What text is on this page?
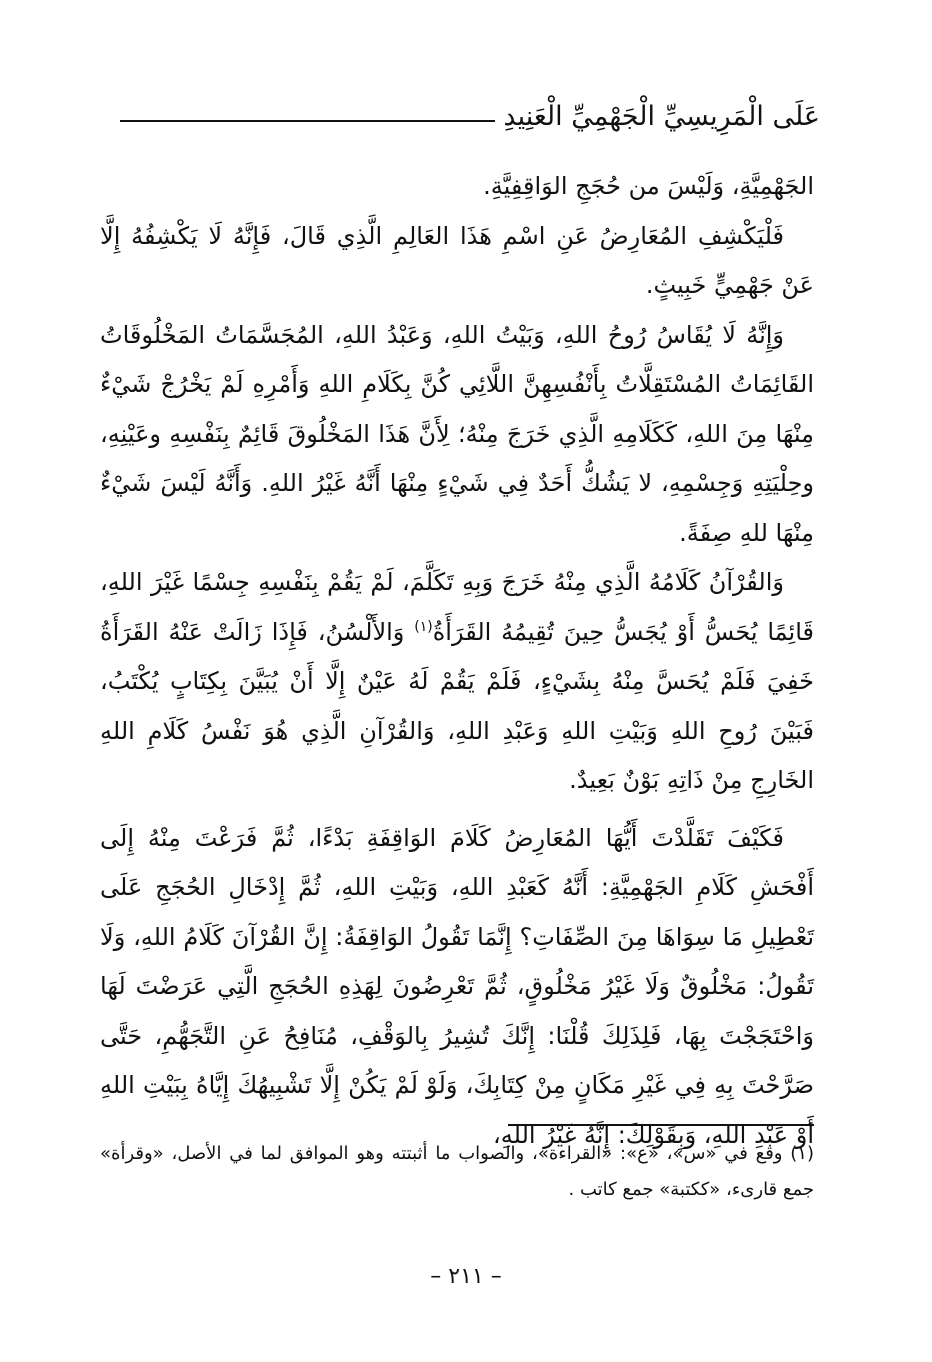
عَلَى الْمَرِيسِيِّ الْجَهْمِيِّ الْعَنِيدِ

الجَهْمِيَّةِ، وَلَيْسَ من حُجَجِ الوَاقِفِيَّةِ.

فَلْيَكْشِفِ المُعَارِضُ عَنِ اسْمِ هَذَا العَالِمِ الَّذِي قَالَ، فَإِنَّهُ لَا يَكْشِفُهُ إِلَّا عَنْ جَهْمِيٍّ خَبِيثٍ.

وَإِنَّهُ لَا يُقَاسُ رُوحُ اللهِ، وَبَيْتُ اللهِ، وَعَبْدُ اللهِ، المُجَسَّمَاتُ المَخْلُوقَاتُ القَائِمَاتُ المُسْتَقِلَّاتُ بِأَنْفُسِهِنَّ اللَّائِي كُنَّ بِكَلَامِ اللهِ وَأَمْرِهِ لَمْ يَخْرُجْ شَيْءٌ مِنْهَا مِنَ اللهِ، كَكَلَامِهِ الَّذِي خَرَجَ مِنْهُ؛ لِأَنَّ هَذَا المَخْلُوقَ قَائِمٌ بِنَفْسِهِ وعَيْنِهِ، وحِلْيَتِهِ وَجِسْمِهِ، لا يَشُكُّ أَحَدٌ فِي شَيْءٍ مِنْهَا أَنَّهُ غَيْرُ اللهِ. وَأَنَّهُ لَيْسَ شَيْءٌ مِنْهَا للهِ صِفَةً.

وَالقُرْآنُ كَلَامُهُ الَّذِي مِنْهُ خَرَجَ وَبِهِ تَكَلَّمَ، لَمْ يَقُمْ بِنَفْسِهِ جِسْمًا غَيْرَ اللهِ، قَائِمًا يُحَسُّ أَوْ يُجَسُّ حِينَ تُقِيمُهُ القَرَأَةُ$^{(١)}$ وَالأَلْسُنُ، فَإِذَا زَالَتْ عَنْهُ القَرَأَةُ خَفِيَ فَلَمْ يُحَسَّ مِنْهُ بِشَيْءٍ، فَلَمْ يَقُمْ لَهُ عَيْنٌ إِلَّا أَنْ يُبَيَّنَ بِكِتَابٍ يُكْتَبُ، فَبَيْنَ رُوحِ اللهِ وَبَيْتِ اللهِ وَعَبْدِ اللهِ، وَالقُرْآنِ الَّذِي هُوَ نَفْسُ كَلَامِ اللهِ الخَارِجِ مِنْ ذَاتِهِ بَوْنٌ بَعِيدٌ.

فَكَيْفَ تَقَلَّدْتَ أَيُّهَا المُعَارِضُ كَلَامَ الوَاقِفَةِ بَدْءًا، ثُمَّ فَرَعْتَ مِنْهُ إِلَى أَفْحَشِ كَلَامِ الجَهْمِيَّةِ: أَنَّهُ كَعَبْدِ اللهِ، وَبَيْتِ اللهِ، ثُمَّ إِدْخَالِ الحُجَجِ عَلَى تَعْطِيلِ مَا سِوَاهَا مِنَ الصِّفَاتِ؟ إِنَّمَا تَقُولُ الوَاقِفَةُ: إِنَّ القُرْآنَ كَلَامُ اللهِ، وَلَا تَقُولُ: مَخْلُوقٌ وَلَا غَيْرُ مَخْلُوقٍ، ثُمَّ تَعْرِضُونَ لِهَذِهِ الحُجَجِ الَّتِي عَرَضْتَ لَهَا وَاحْتَجَجْتَ بِهَا، فَلِذَلِكَ قُلْنَا: إِنَّكَ تُشِيرُ بِالوَقْفِ، مُنَافِحُ عَنِ التَّجَهُّمِ، حَتَّى صَرَّحْتَ بِهِ فِي غَيْرِ مَكَانٍ مِنْ كِتَابِكَ، وَلَوْ لَمْ يَكُنْ إِلَّا تَشْبِيهُكَ إِيَّاهُ بِبَيْتِ اللهِ أَوْ عَبْدِ اللهِ، وَبِقَوْلِكَ: إِنَّهُ غَيْرُ اللهِ،

(١) وقع في «س»، «ع»: «القراءة»، والصواب ما أثبتته وهو الموافق لما في الأصل، «وقرأة» جمع قارىء، «ككتبة» جمع كاتب .

– ٢١١ –
